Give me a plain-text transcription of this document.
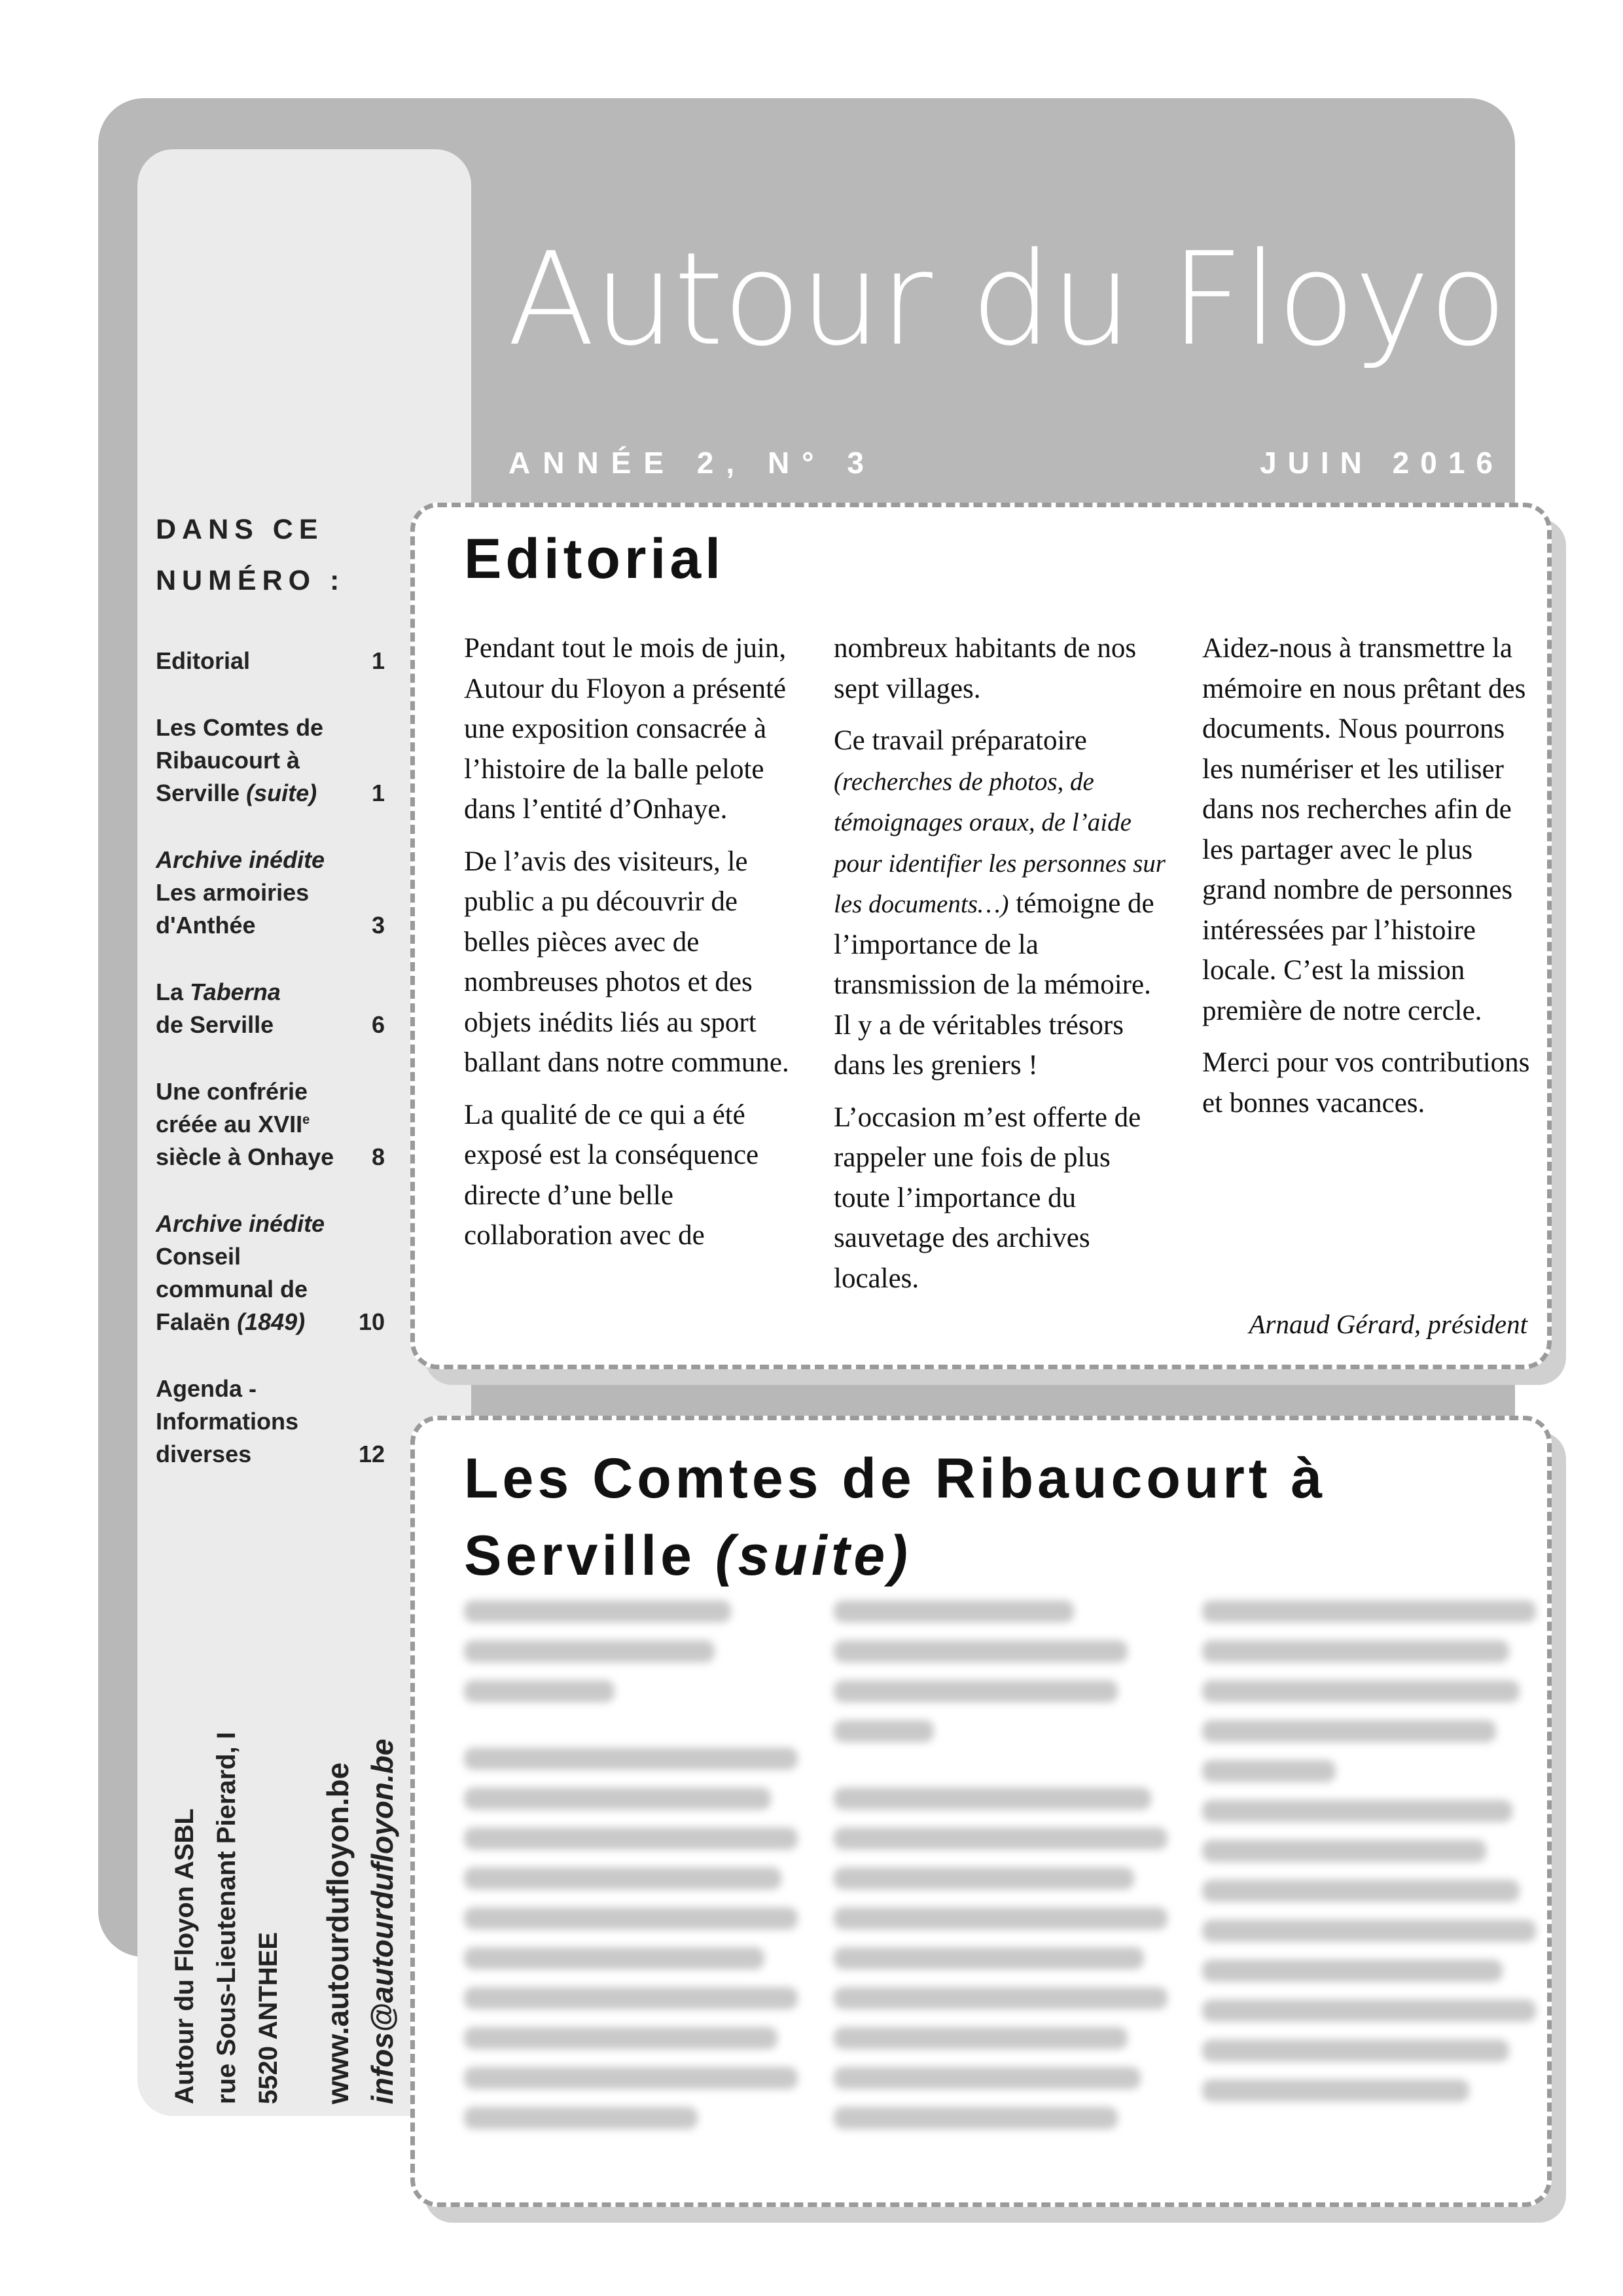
Autour du Floyon
ANNÉE 2, N° 3	JUIN 2016
DANS CE
NUMÉRO :
Editorial	1
Les Comtes de
Ribaucourt à
Serville (suite)	1
Archive inédite
Les armoiries
d'Anthée	3
La Taberna
de Serville	6
Une confrérie
créée au XVIIe
siècle à Onhaye 8
Archive inédite
Conseil
communal de
Falaën (1849)	10
Agenda -
Informations
diverses	12
Autour du Floyon ASBL rue Sous-Lieutenant Pierard, I 5520 ANTHEE www.autourdufloyon.be infos@autourdufloyon.be
Editorial

Pendant tout le mois de juin, Autour du Floyon a présenté une exposition consacrée à l’histoire de la balle pelote dans l’entité d’Onhaye.

De l’avis des visiteurs, le public a pu découvrir de belles pièces avec de nombreuses photos et des objets inédits liés au sport ballant dans notre commune.

La qualité de ce qui a été exposé est la conséquence directe d’une belle collaboration avec de

nombreux habitants de nos sept villages.

Ce travail préparatoire (recherches de photos, de témoignages oraux, de l’aide pour identifier les personnes sur les documents…) témoigne de l’importance de la transmission de la mémoire. Il y a de véritables trésors dans les greniers !

L’occasion m’est offerte de rappeler une fois de plus toute l’importance du sauvetage des archives locales.

Aidez-nous à transmettre la mémoire en nous prêtant des documents. Nous pourrons les numériser et les utiliser dans nos recherches afin de les partager avec le plus grand nombre de personnes intéressées par l’histoire locale. C’est la mission première de notre cercle.

Merci pour vos contributions et bonnes vacances.

Arnaud Gérard, président
Les Comtes de Ribaucourt à Serville (suite)
